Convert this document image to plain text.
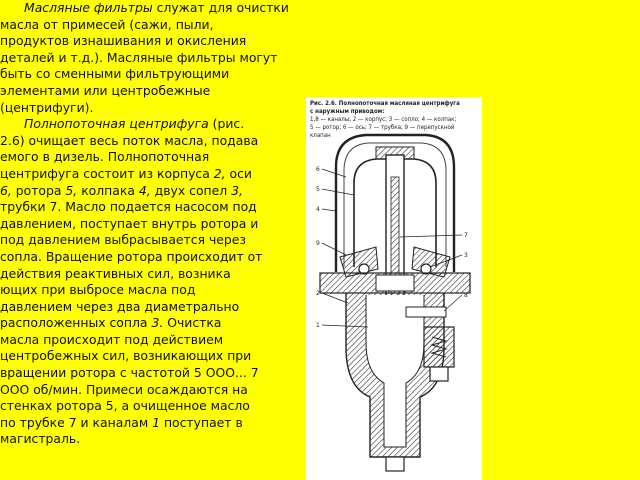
Масляные фильтры служат для очистки
масла от примесей (сажи, пыли,
продуктов изнашивания и окисления
деталей и т.д.). Масляные фильтры могут
быть со сменными фильтрующими
элементами или центробежные
(центрифуги).
Полнопоточная центрифуга (рис.
2.6) очищает весь поток масла, подава
емого в дизель. Полнопоточная
центрифуга состоит из корпуса 2, оси
6, ротора 5, колпака 4, двух сопел 3,
трубки 7. Масло подается насосом под
давлением, поступает внутрь ротора и
под давлением выбрасывается через
сопла. Вращение ротора происходит от
действия реактивных сил, возника
ющих при выбросе масла под
давлением через два диаметрально
расположенных сопла 3. Очистка
масла происходит под действием
центробежных сил, возникающих при
вращении ротора с частотой 5 ООО... 7
ООО об/мин. Примеси осаждаются на
стенках ротора 5, а очищенное масло
по трубке 7 и каналам 1 поступает в
магистраль.
Рис. 2.6. Полнопоточная масляная центрифуга
с наружным приводом:
1,8 — каналы; 2 — корпус; 3 — сопло; 4 — колпак;
5 — ротор; 6 — ось; 7 — трубка; 9 — перепускной
клапан
6
5
4
9
7
3
8
2
1
